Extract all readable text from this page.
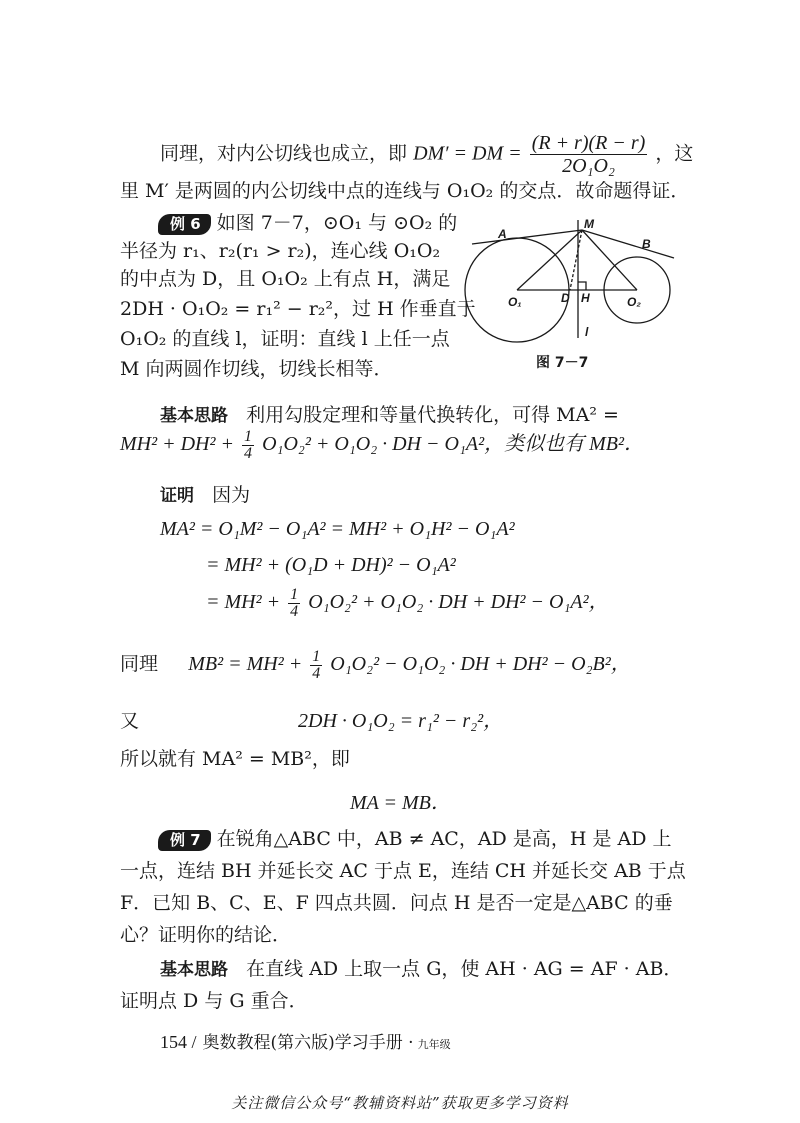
同理，对内公切线也成立，即 DM′ = DM = $\frac{(R + r)(R - r)}{\text{2O₁O₂}}$ ，这
里 M′ 是两圆的内公切线中点的连线与 O₁O₂ 的交点．故命题得证．
例 6 如图 7－7，⊙O₁ 与 ⊙O₂ 的
半径为 r₁、r₂(r₁ > r₂)，连心线 O₁O₂
的中点为 D，且 O₁O₂ 上有点 H，满足
2DH · O₁O₂ = r₁² − r₂²，过 H 作垂直于
O₁O₂ 的直线 l，证明：直线 l 上任一点
M 向两圆作切线，切线长相等．
A
M
B
O₁	D H	O₂
l
图 7－7
基本思路 利用勾股定理和等量代换转化，可得 MA² =
$MH^2 + DH^2 + \frac{1}{4} O_1O_2^2 + O_1O_2$ · DH − O₁A²，类似也有 MB²．
证明 因为
MA² = O₁M² − O₁A² = MH² + O₁H² − O₁A²
= MH² + (O₁D + DH)² − O₁A²
= $MH^2 + \frac{1}{4} O_1O_2^2 + O_1O_2$ · DH + DH² − O₁A²，
同理 $MB^2 = MH^2 + \frac{1}{4} O_1O_2^2 - O_1O_2$ · DH + DH² − O₂B²，
又	2DH · O₁O₂ = r₁² − r₂²，
所以就有 MA² = MB²，即
MA = MB．
例 7 在锐角△ABC 中，AB ≠ AC，AD 是高，H 是 AD 上
一点，连结 BH 并延长交 AC 于点 E，连结 CH 并延长交 AB 于点
F．已知 B、C、E、F 四点共圆．问点 H 是否一定是△ABC 的垂
心？证明你的结论．
基本思路 在直线 AD 上取一点 G，使 AH · AG = AF · AB．
证明点 D 与 G 重合．
154 / 奥数教程(第六版)学习手册 · 九年级
关注微信公众号“教辅资料站”获取更多学习资料
